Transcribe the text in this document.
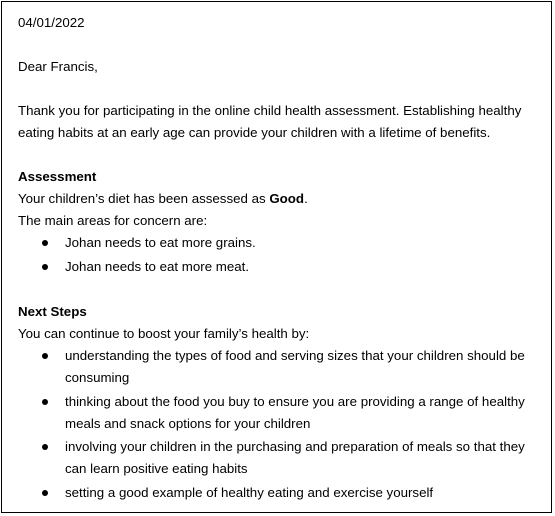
04/01/2022

Dear Francis,

Thank you for participating in the online child health assessment. Establishing healthy eating habits at an early age can provide your children with a lifetime of benefits.

Assessment

Your children’s diet has been assessed as Good.

The main areas for concern are:

Johan needs to eat more grains.
Johan needs to eat more meat.

Next Steps

You can continue to boost your family’s health by:

understanding the types of food and serving sizes that your children should be consuming
thinking about the food you buy to ensure you are providing a range of healthy meals and snack options for your children
involving your children in the purchasing and preparation of meals so that they can learn positive eating habits
setting a good example of healthy eating and exercise yourself
